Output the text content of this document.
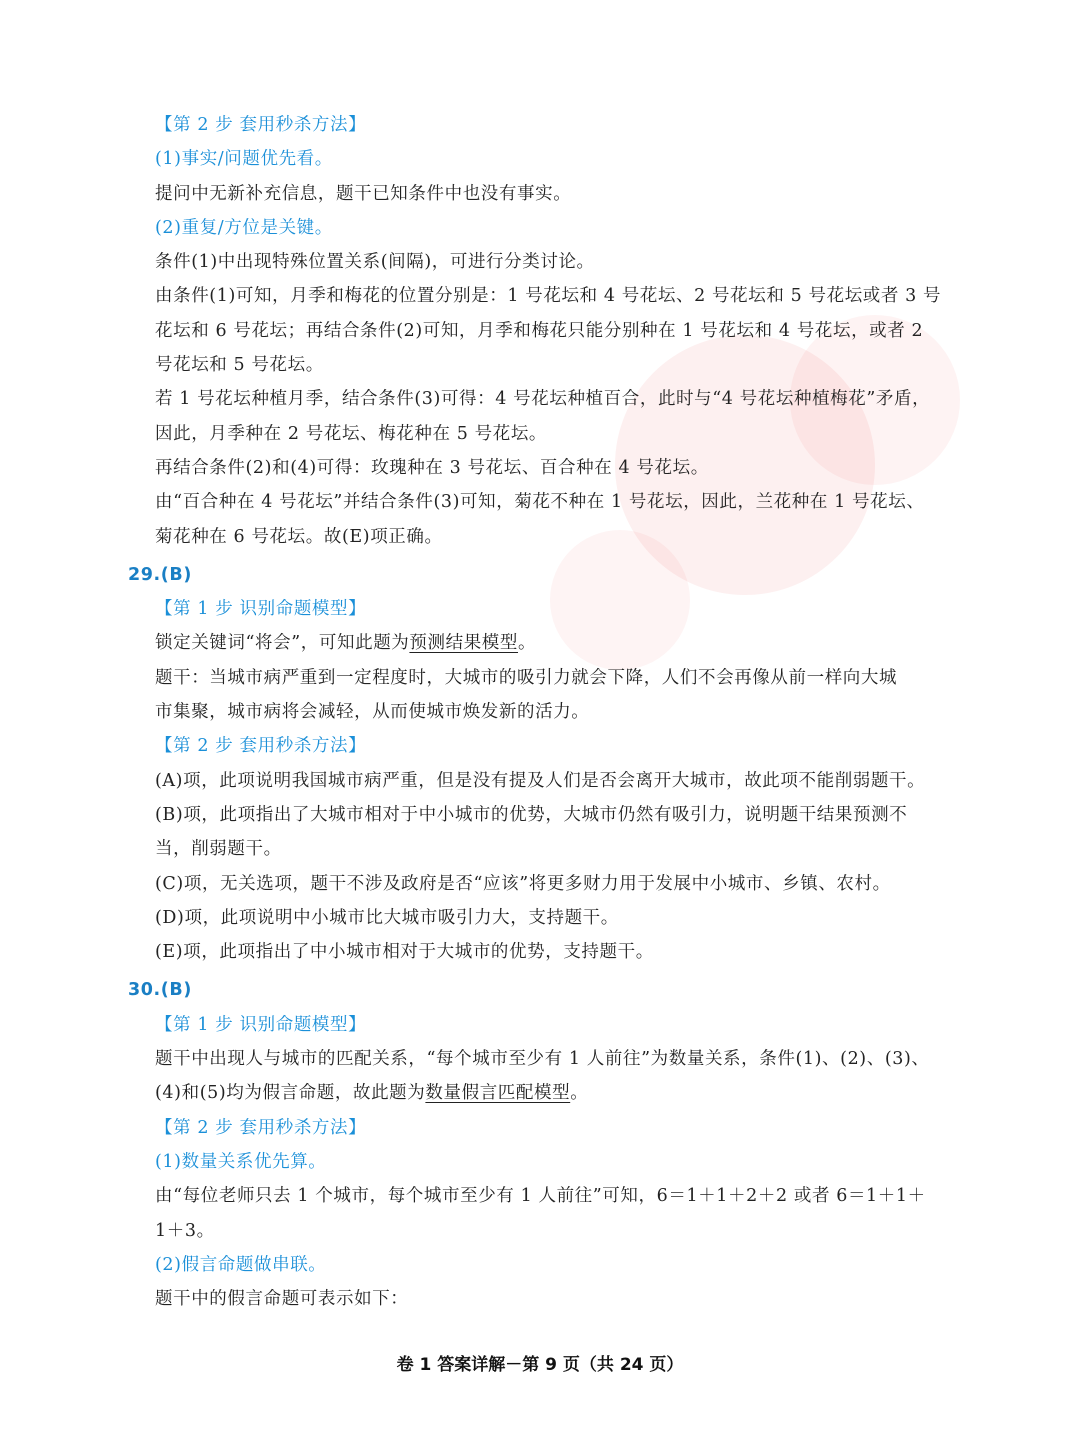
【第 2 步 套用秒杀方法】
(1)事实/问题优先看。
提问中无新补充信息，题干已知条件中也没有事实。
(2)重复/方位是关键。
条件(1)中出现特殊位置关系(间隔)，可进行分类讨论。
由条件(1)可知，月季和梅花的位置分别是：1 号花坛和 4 号花坛、2 号花坛和 5 号花坛或者 3 号
花坛和 6 号花坛；再结合条件(2)可知，月季和梅花只能分别种在 1 号花坛和 4 号花坛，或者 2
号花坛和 5 号花坛。
若 1 号花坛种植月季，结合条件(3)可得：4 号花坛种植百合，此时与“4 号花坛种植梅花”矛盾，
因此，月季种在 2 号花坛、梅花种在 5 号花坛。
再结合条件(2)和(4)可得：玫瑰种在 3 号花坛、百合种在 4 号花坛。
由“百合种在 4 号花坛”并结合条件(3)可知，菊花不种在 1 号花坛，因此，兰花种在 1 号花坛、
菊花种在 6 号花坛。故(E)项正确。
29.(B)
【第 1 步 识别命题模型】
锁定关键词“将会”，可知此题为预测结果模型。
题干：当城市病严重到一定程度时，大城市的吸引力就会下降，人们不会再像从前一样向大城
市集聚，城市病将会减轻，从而使城市焕发新的活力。
【第 2 步 套用秒杀方法】
(A)项，此项说明我国城市病严重，但是没有提及人们是否会离开大城市，故此项不能削弱题干。
(B)项，此项指出了大城市相对于中小城市的优势，大城市仍然有吸引力，说明题干结果预测不
当，削弱题干。
(C)项，无关选项，题干不涉及政府是否“应该”将更多财力用于发展中小城市、乡镇、农村。
(D)项，此项说明中小城市比大城市吸引力大，支持题干。
(E)项，此项指出了中小城市相对于大城市的优势，支持题干。
30.(B)
【第 1 步 识别命题模型】
题干中出现人与城市的匹配关系，“每个城市至少有 1 人前往”为数量关系，条件(1)、(2)、(3)、
(4)和(5)均为假言命题，故此题为数量假言匹配模型。
【第 2 步 套用秒杀方法】
(1)数量关系优先算。
由“每位老师只去 1 个城市，每个城市至少有 1 人前往”可知，6＝1＋1＋2＋2 或者 6＝1＋1＋
1＋3。
(2)假言命题做串联。
题干中的假言命题可表示如下：
卷 1 答案详解－第 9 页（共 24 页）
